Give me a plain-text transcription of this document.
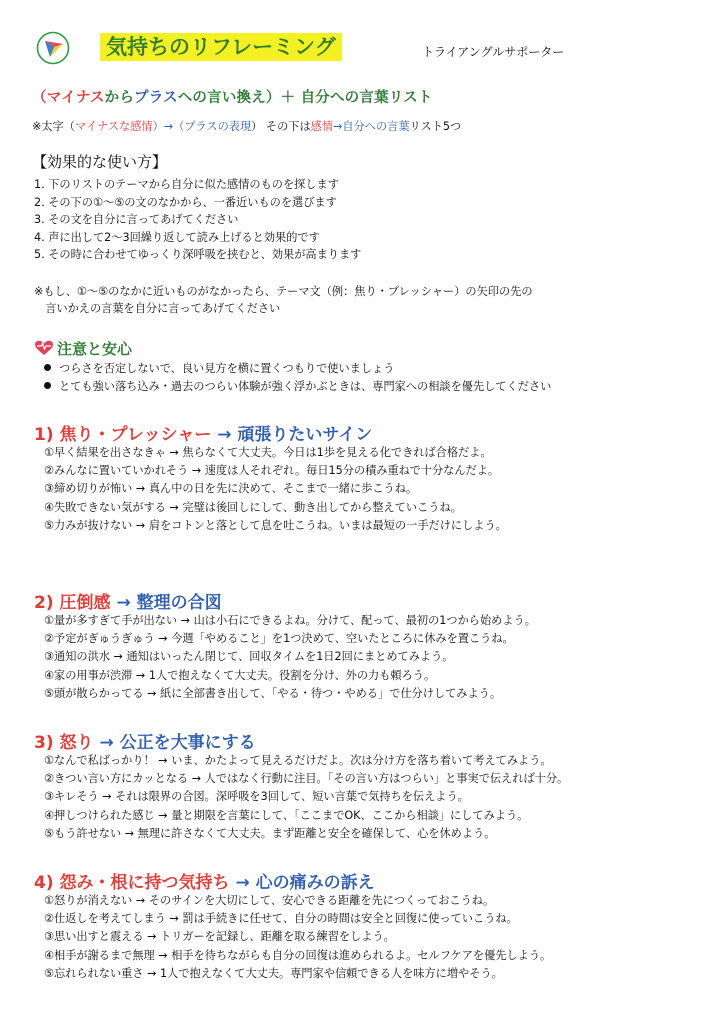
気持ちのリフレーミング	トライアングルサポーター
（マイナスからプラスへの言い換え）＋ 自分への言葉リスト
※太字（マイナスな感情）→（プラスの表現） その下は感情→自分への言葉リスト5つ
【効果的な使い方】
1. 下のリストのテーマから自分に似た感情のものを探します
2. その下の①～⑤の文のなかから、一番近いものを選びます
3. その文を自分に言ってあげてください
4. 声に出して2～3回繰り返して読み上げると効果的です
5. その時に合わせてゆっくり深呼吸を挟むと、効果が高まります
※もし、①～⑤のなかに近いものがなかったら、テーマ文（例：焦り・プレッシャー）の矢印の先の
　言いかえの言葉を自分に言ってあげてください
注意と安心
つらさを否定しないで、良い見方を横に置くつもりで使いましょう
とても強い落ち込み・過去のつらい体験が強く浮かぶときは、専門家への相談を優先してください
1) 焦り・プレッシャー → 頑張りたいサイン
①早く結果を出さなきゃ → 焦らなくて大丈夫。今日は1歩を見える化できれば合格だよ。
②みんなに置いていかれそう → 速度は人それぞれ。毎日15分の積み重ねで十分なんだよ。
③締め切りが怖い → 真ん中の日を先に決めて、そこまで一緒に歩こうね。
④失敗できない気がする → 完璧は後回しにして、動き出してから整えていこうね。
⑤力みが抜けない → 肩をコトンと落として息を吐こうね。いまは最短の一手だけにしよう。
2) 圧倒感 → 整理の合図
①量が多すぎて手が出ない → 山は小石にできるよね。分けて、配って、最初の1つから始めよう。
②予定がぎゅうぎゅう → 今週「やめること」を1つ決めて、空いたところに休みを置こうね。
③通知の洪水 → 通知はいったん閉じて、回収タイムを1日2回にまとめてみよう。
④家の用事が渋滞 → 1人で抱えなくて大丈夫。役割を分け、外の力も頼ろう。
⑤頭が散らかってる → 紙に全部書き出して、「やる・待つ・やめる」で仕分けしてみよう。
3) 怒り → 公正を大事にする
①なんで私ばっかり！ → いま、かたよって見えるだけだよ。次は分け方を落ち着いて考えてみよう。
②きつい言い方にカッとなる → 人ではなく行動に注目。「その言い方はつらい」と事実で伝えれば十分。
③キレそう → それは限界の合図。深呼吸を3回して、短い言葉で気持ちを伝えよう。
④押しつけられた感じ → 量と期限を言葉にして、「ここまでOK、ここから相談」にしてみよう。
⑤もう許せない → 無理に許さなくて大丈夫。まず距離と安全を確保して、心を休めよう。
4) 怨み・根に持つ気持ち → 心の痛みの訴え
①怒りが消えない → そのサインを大切にして、安心できる距離を先につくっておこうね。
②仕返しを考えてしまう → 罰は手続きに任せて、自分の時間は安全と回復に使っていこうね。
③思い出すと震える → トリガーを記録し、距離を取る練習をしよう。
④相手が謝るまで無理 → 相手を待ちながらも自分の回復は進められるよ。セルフケアを優先しよう。
⑤忘れられない重さ → 1人で抱えなくて大丈夫。専門家や信頼できる人を味方に増やそう。
